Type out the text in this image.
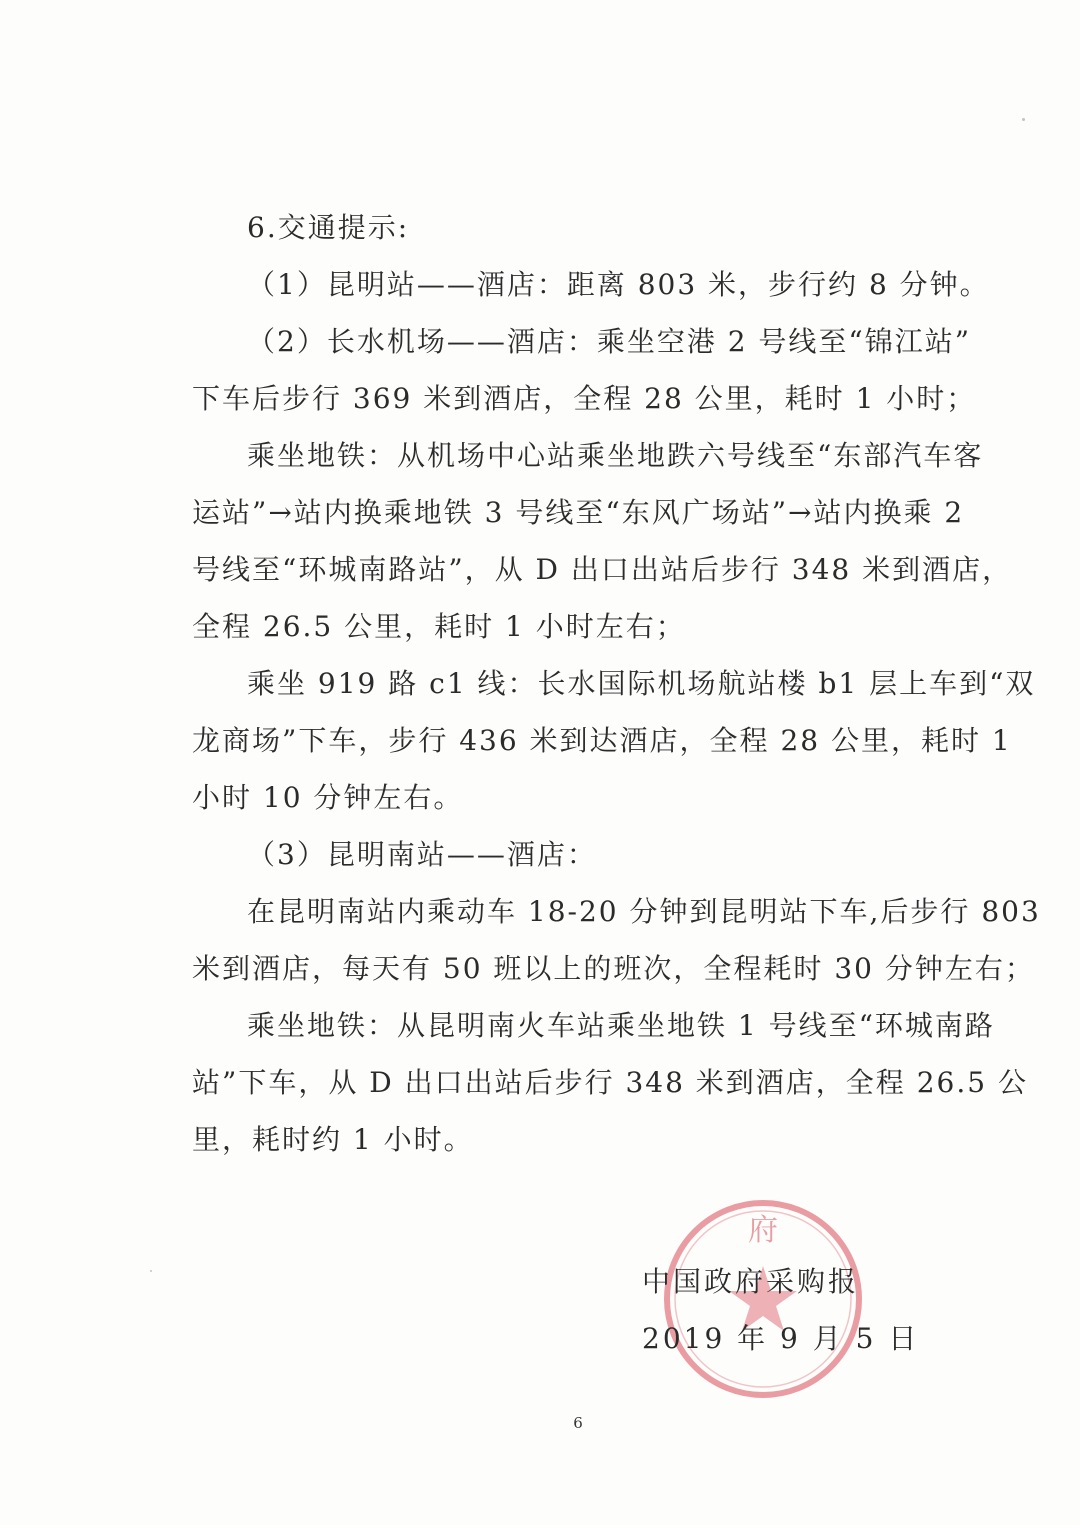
6.交通提示:
（1）昆明站——酒店：距离 803 米，步行约 8 分钟。
（2）长水机场——酒店：乘坐空港 2 号线至“锦江站”
下车后步行 369 米到酒店，全程 28 公里，耗时 1 小时；
乘坐地铁：从机场中心站乘坐地跌六号线至“东部汽车客
运站”→站内换乘地铁 3 号线至“东风广场站”→站内换乘 2
号线至“环城南路站”，从 D 出口出站后步行 348 米到酒店，
全程 26.5 公里，耗时 1 小时左右；
乘坐 919 路 c1 线：长水国际机场航站楼 b1 层上车到“双
龙商场”下车，步行 436 米到达酒店，全程 28 公里，耗时 1
小时 10 分钟左右。
（3）昆明南站——酒店：
在昆明南站内乘动车 18-20 分钟到昆明站下车,后步行 803
米到酒店，每天有 50 班以上的班次，全程耗时 30 分钟左右；
乘坐地铁：从昆明南火车站乘坐地铁 1 号线至“环城南路
站”下车，从 D 出口出站后步行 348 米到酒店，全程 26.5 公
里，耗时约 1 小时。
府
中国政府采购报
2019 年 9 月 5 日
6
